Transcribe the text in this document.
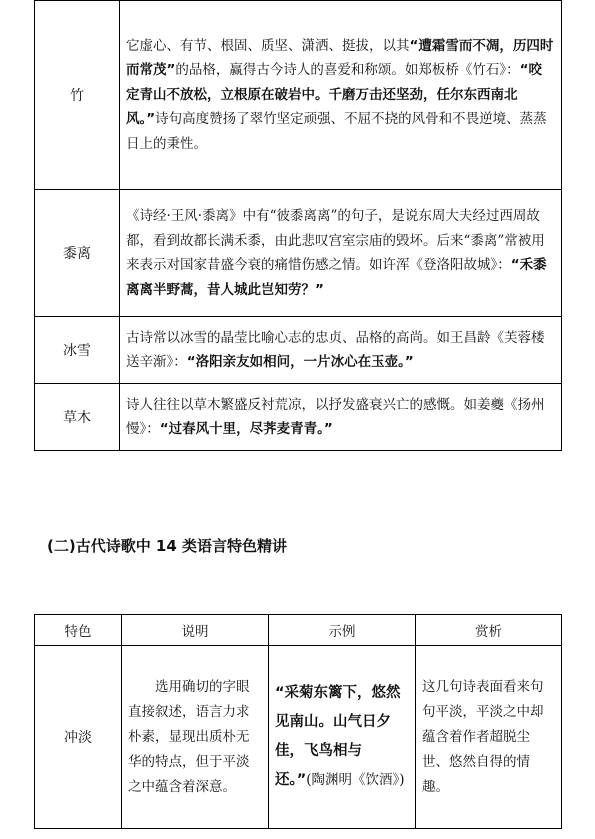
竹	它虚心、有节、根固、质坚、潇洒、挺拔，以其“遭霜雪而不凋，历四时而常茂”的品格，赢得古今诗人的喜爱和称颂。如郑板桥《竹石》：“咬定青山不放松，立根原在破岩中。千磨万击还坚劲，任尔东西南北风。”诗句高度赞扬了翠竹坚定顽强、不屈不挠的风骨和不畏逆境、蒸蒸日上的秉性。
黍离	《诗经·王风·黍离》中有“彼黍离离”的句子，是说东周大夫经过西周故都，看到故都长满禾黍，由此悲叹宫室宗庙的毁坏。后来“黍离”常被用来表示对国家昔盛今衰的痛惜伤感之情。如许浑《登洛阳故城》：“禾黍离离半野蒿，昔人城此岂知劳？”
冰雪	古诗常以冰雪的晶莹比喻心志的忠贞、品格的高尚。如王昌龄《芙蓉楼送辛渐》：“洛阳亲友如相问，一片冰心在玉壶。”
草木	诗人往往以草木繁盛反衬荒凉，以抒发盛衰兴亡的感慨。如姜夔《扬州慢》：“过春风十里，尽荠麦青青。”
(二)古代诗歌中 14 类语言特色精讲
特色	说明	示例	赏析
冲淡	选用确切的字眼直接叙述，语言力求朴素，显现出质朴无华的特点，但于平淡之中蕴含着深意。	“采菊东篱下，悠然见南山。山气日夕佳，飞鸟相与还。”(陶渊明《饮酒》)	这几句诗表面看来句句平淡，平淡之中却蕴含着作者超脱尘世、悠然自得的情趣。
